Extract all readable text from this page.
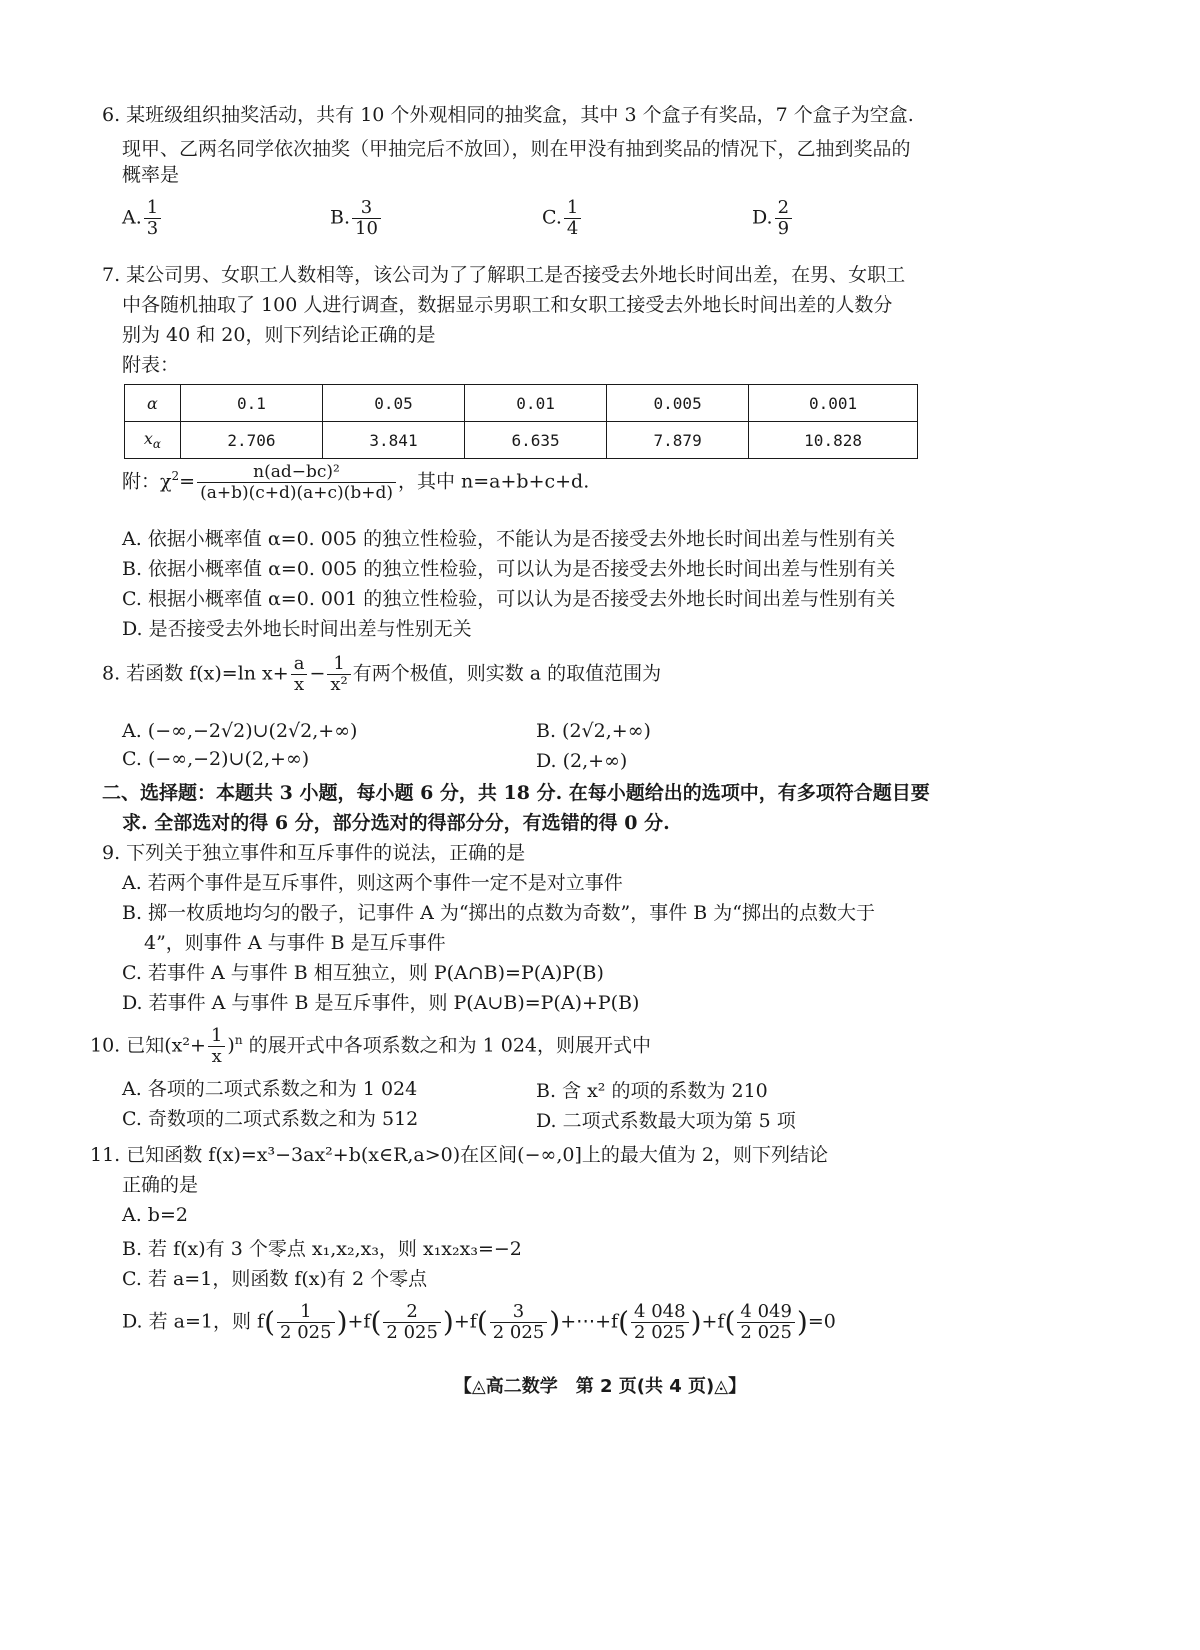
6. 某班级组织抽奖活动，共有 10 个外观相同的抽奖盒，其中 3 个盒子有奖品，7 个盒子为空盒.
现甲、乙两名同学依次抽奖（甲抽完后不放回），则在甲没有抽到奖品的情况下，乙抽到奖品的
概率是
A. $\frac{1}{3}$	B. $\frac{3}{10}$	C. $\frac{1}{4}$	D. $\frac{2}{9}$
7. 某公司男、女职工人数相等，该公司为了了解职工是否接受去外地长时间出差，在男、女职工
中各随机抽取了 100 人进行调查，数据显示男职工和女职工接受去外地长时间出差的人数分
别为 40 和 20，则下列结论正确的是
附表：
α	0.1	0.05	0.01	0.005	0.001
$x_\alpha$	2.706	3.841	6.635	7.879	10.828
附：$\chi^2= \frac{\text{n(ad−bc)²}}{(a+b)(c+d)(a+c)(b+d)}$ ，其中 n=a+b+c+d.
A. 依据小概率值 α=0. 005 的独立性检验，不能认为是否接受去外地长时间出差与性别有关
B. 依据小概率值 α=0. 005 的独立性检验，可以认为是否接受去外地长时间出差与性别有关
C. 根据小概率值 α=0. 001 的独立性检验，可以认为是否接受去外地长时间出差与性别有关
D. 是否接受去外地长时间出差与性别无关
8. 若函数 f(x)=ln $x+ \frac{a}{x} - \frac{1}{\text{x²}}$ 有两个极值，则实数 a 的取值范围为
A. (−∞,−2√2)∪(2√2,+∞)	B. (2√2,+∞)
C. (−∞,−2)∪(2,+∞)	D. (2,+∞)
二、选择题：本题共 3 小题，每小题 6 分，共 18 分. 在每小题给出的选项中，有多项符合题目要
求. 全部选对的得 6 分，部分选对的得部分分，有选错的得 0 分.
9. 下列关于独立事件和互斥事件的说法，正确的是
A. 若两个事件是互斥事件，则这两个事件一定不是对立事件
B. 掷一枚质地均匀的骰子，记事件 A 为“掷出的点数为奇数”，事件 B 为“掷出的点数大于
4”，则事件 A 与事件 B 是互斥事件
C. 若事件 A 与事件 B 相互独立，则 P(A∩B)=P(A)P(B)
D. 若事件 A 与事件 B 是互斥事件，则 P(A∪B)=P(A)+P(B)
10. 已知$(x^2+ \frac{1}{x} )^n$ 的展开式中各项系数之和为 1 024，则展开式中
A. 各项的二项式系数之和为 1 024	B. 含 x² 的项的系数为 210
C. 奇数项的二项式系数之和为 512	D. 二项式系数最大项为第 5 项
11. 已知函数 f(x)=x³−3ax²+b(x∈R,a>0)在区间(−∞,0]上的最大值为 2，则下列结论
正确的是
A. b=2
B. 若 f(x)有 3 个零点 x₁,x₂,x₃，则 x₁x₂x₃=−2
C. 若 a=1，则函数 f(x)有 2 个零点
D. 若 a=1，则 $f( \frac{1}{2 025} )+f( \frac{2}{2 025} )+f( \frac{3}{2 025}$ )+⋯+f( $\frac{4 048}{2 025} )+f( \frac{4 049}{2 025} )=0$
【◬高二数学　第 2 页(共 4 页)◬】
